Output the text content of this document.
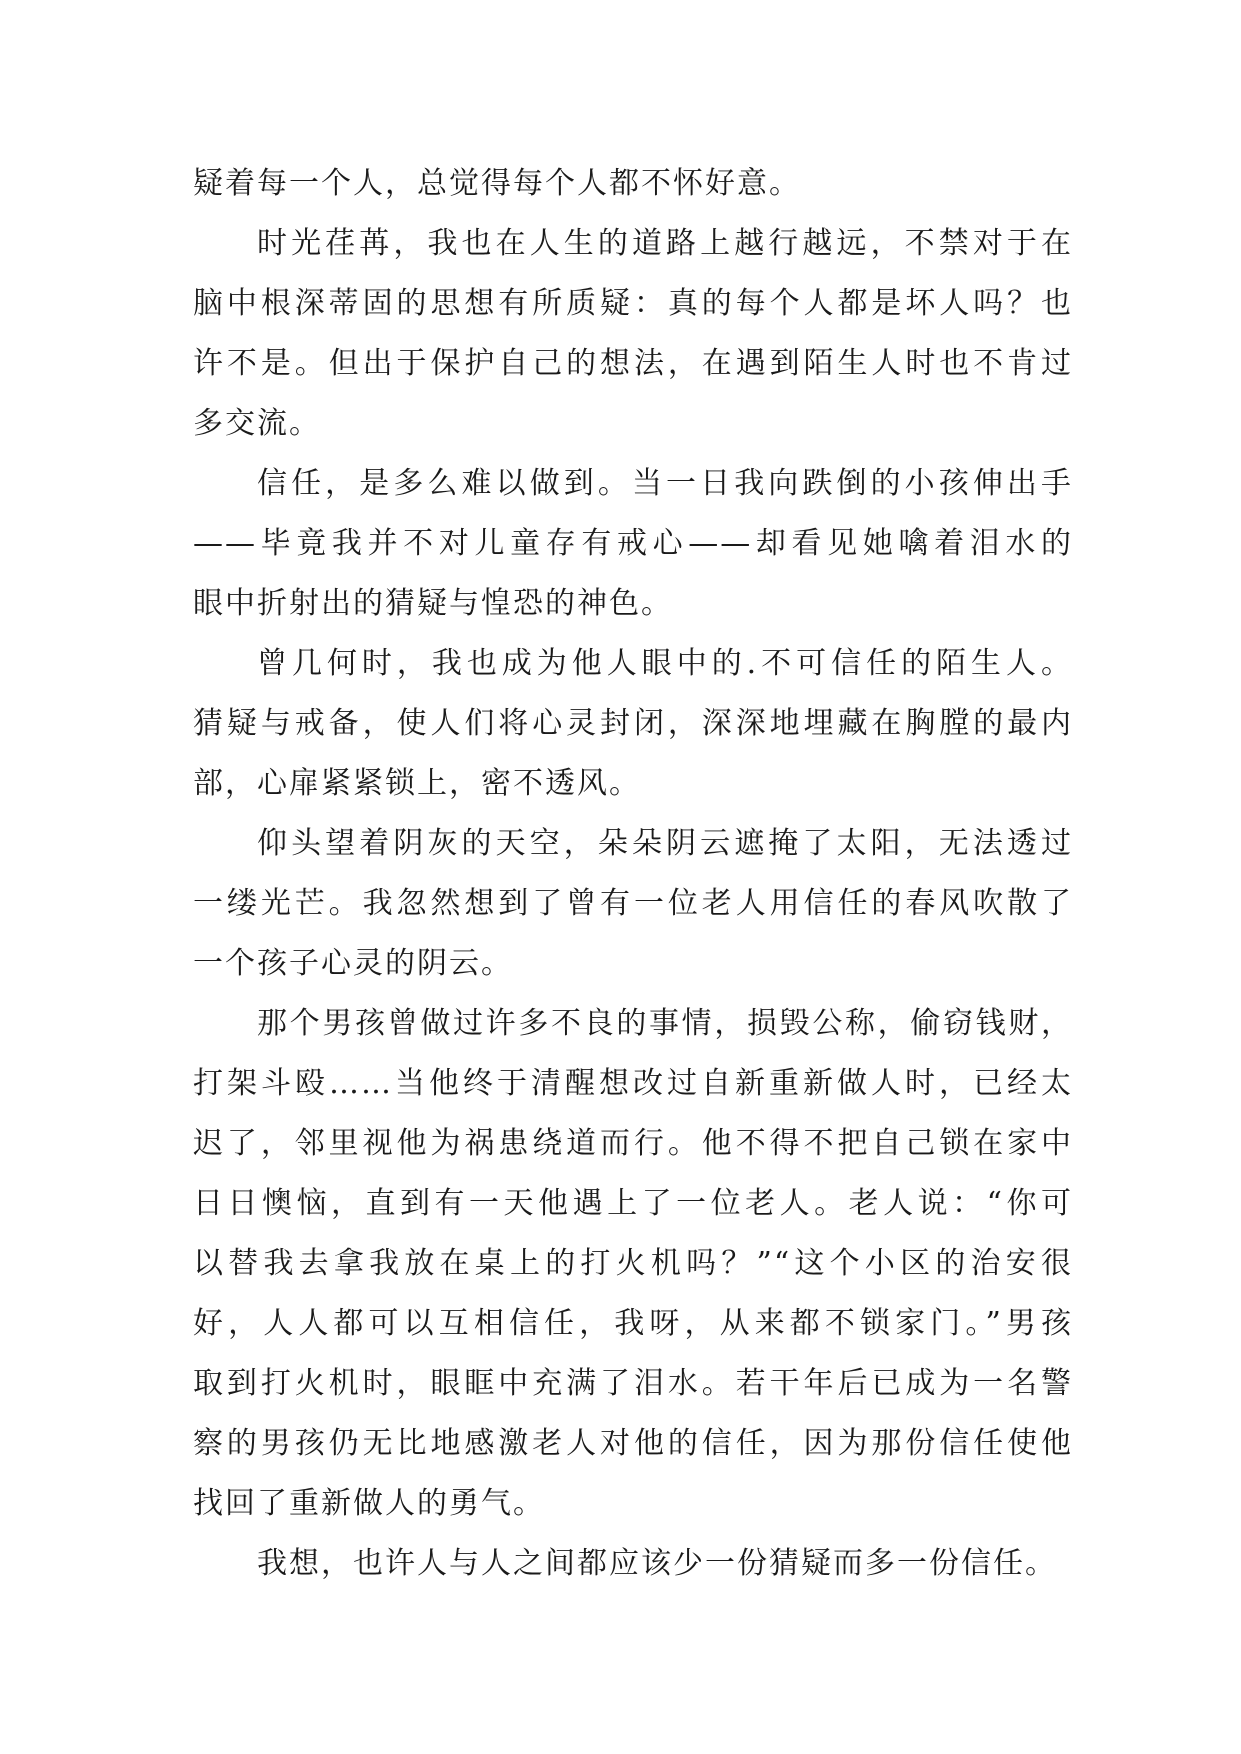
疑着每一个人，总觉得每个人都不怀好意。
时光荏苒，我也在人生的道路上越行越远，不禁对于在
脑中根深蒂固的思想有所质疑：真的每个人都是坏人吗？也
许不是。但出于保护自己的想法，在遇到陌生人时也不肯过
多交流。
信任，是多么难以做到。当一日我向跌倒的小孩伸出手
——毕竟我并不对儿童存有戒心——却看见她噙着泪水的
眼中折射出的猜疑与惶恐的神色。
曾几何时，我也成为他人眼中的.不可信任的陌生人。
猜疑与戒备，使人们将心灵封闭，深深地埋藏在胸膛的最内
部，心扉紧紧锁上，密不透风。
仰头望着阴灰的天空，朵朵阴云遮掩了太阳，无法透过
一缕光芒。我忽然想到了曾有一位老人用信任的春风吹散了
一个孩子心灵的阴云。
那个男孩曾做过许多不良的事情，损毁公称，偷窃钱财，
打架斗殴……当他终于清醒想改过自新重新做人时，已经太
迟了，邻里视他为祸患绕道而行。他不得不把自己锁在家中
日日懊恼，直到有一天他遇上了一位老人。老人说：“你可
以替我去拿我放在桌上的打火机吗？”“这个小区的治安很
好，人人都可以互相信任，我呀，从来都不锁家门。”男孩
取到打火机时，眼眶中充满了泪水。若干年后已成为一名警
察的男孩仍无比地感激老人对他的信任，因为那份信任使他
找回了重新做人的勇气。
我想，也许人与人之间都应该少一份猜疑而多一份信任。
